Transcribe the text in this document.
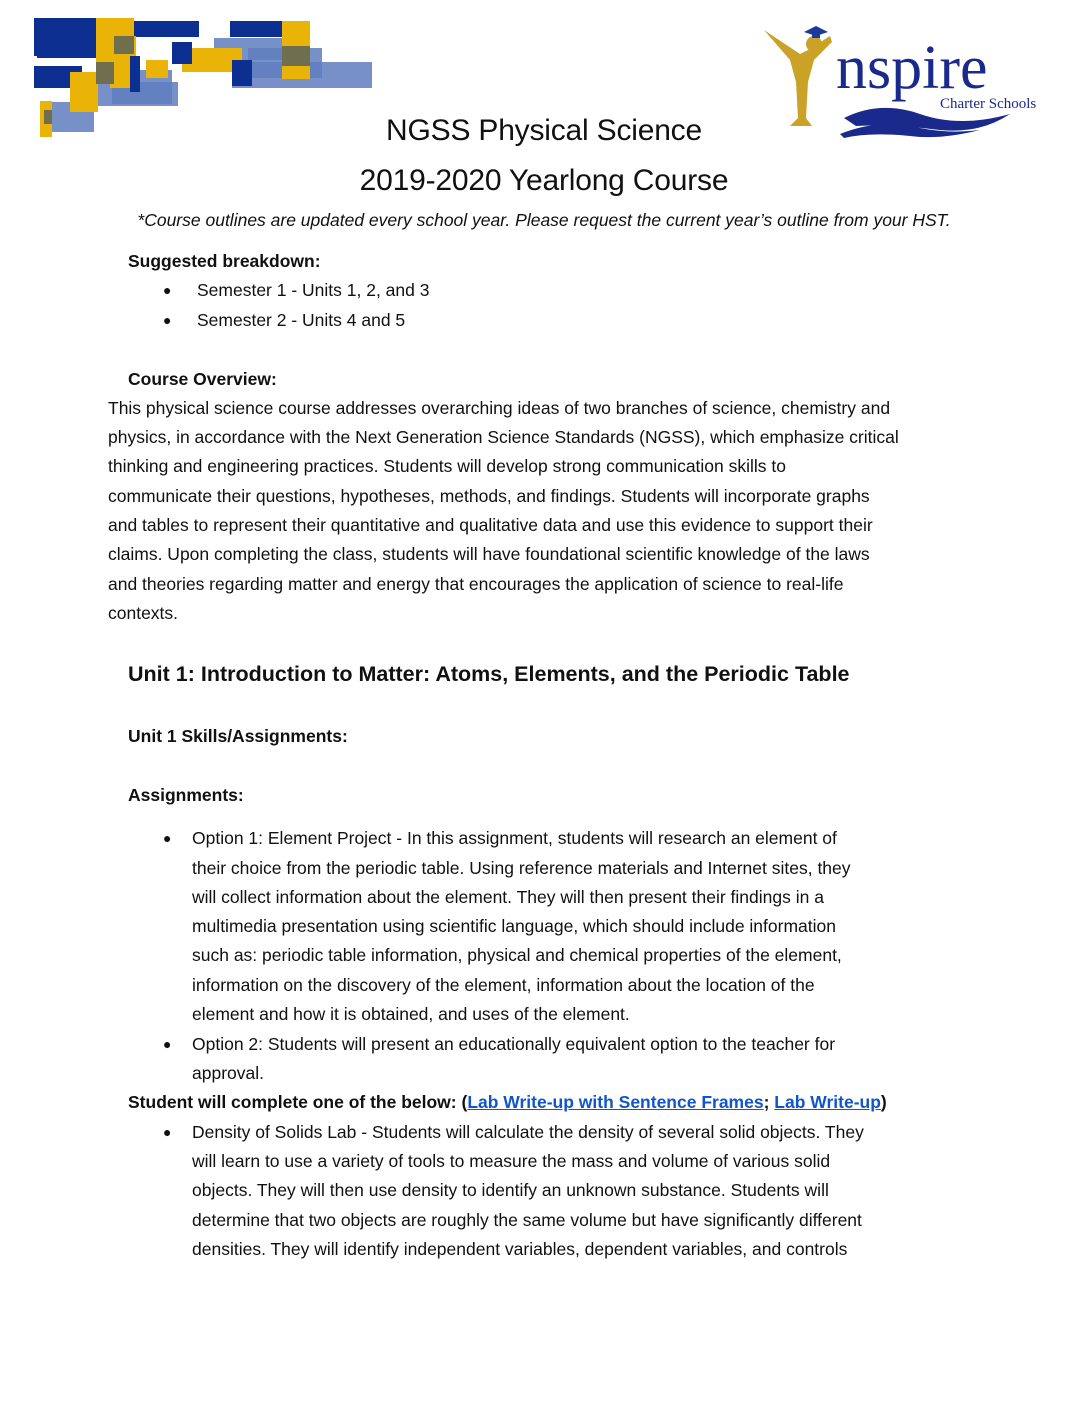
nspire
Charter Schools
NGSS Physical Science
2019-2020 Yearlong Course
*Course outlines are updated every school year. Please request the current year’s outline from your HST.
Suggested breakdown:
● Semester 1 - Units 1, 2, and 3
● Semester 2 - Units 4 and 5
Course Overview:
This physical science course addresses overarching ideas of two branches of science, chemistry and
physics, in accordance with the Next Generation Science Standards (NGSS), which emphasize critical
thinking and engineering practices. Students will develop strong communication skills to
communicate their questions, hypotheses, methods, and findings. Students will incorporate graphs
and tables to represent their quantitative and qualitative data and use this evidence to support their
claims. Upon completing the class, students will have foundational scientific knowledge of the laws
and theories regarding matter and energy that encourages the application of science to real-life
contexts.
Unit 1: Introduction to Matter: Atoms, Elements, and the Periodic Table
Unit 1 Skills/Assignments:
Assignments:
● Option 1: Element Project - In this assignment, students will research an element of
their choice from the periodic table. Using reference materials and Internet sites, they
will collect information about the element. They will then present their findings in a
multimedia presentation using scientific language, which should include information
such as: periodic table information, physical and chemical properties of the element,
information on the discovery of the element, information about the location of the
element and how it is obtained, and uses of the element.
● Option 2: Students will present an educationally equivalent option to the teacher for
approval.
Student will complete one of the below: (Lab Write-up with Sentence Frames; Lab Write-up)
● Density of Solids Lab - Students will calculate the density of several solid objects. They
will learn to use a variety of tools to measure the mass and volume of various solid
objects. They will then use density to identify an unknown substance. Students will
determine that two objects are roughly the same volume but have significantly different
densities. They will identify independent variables, dependent variables, and controls
